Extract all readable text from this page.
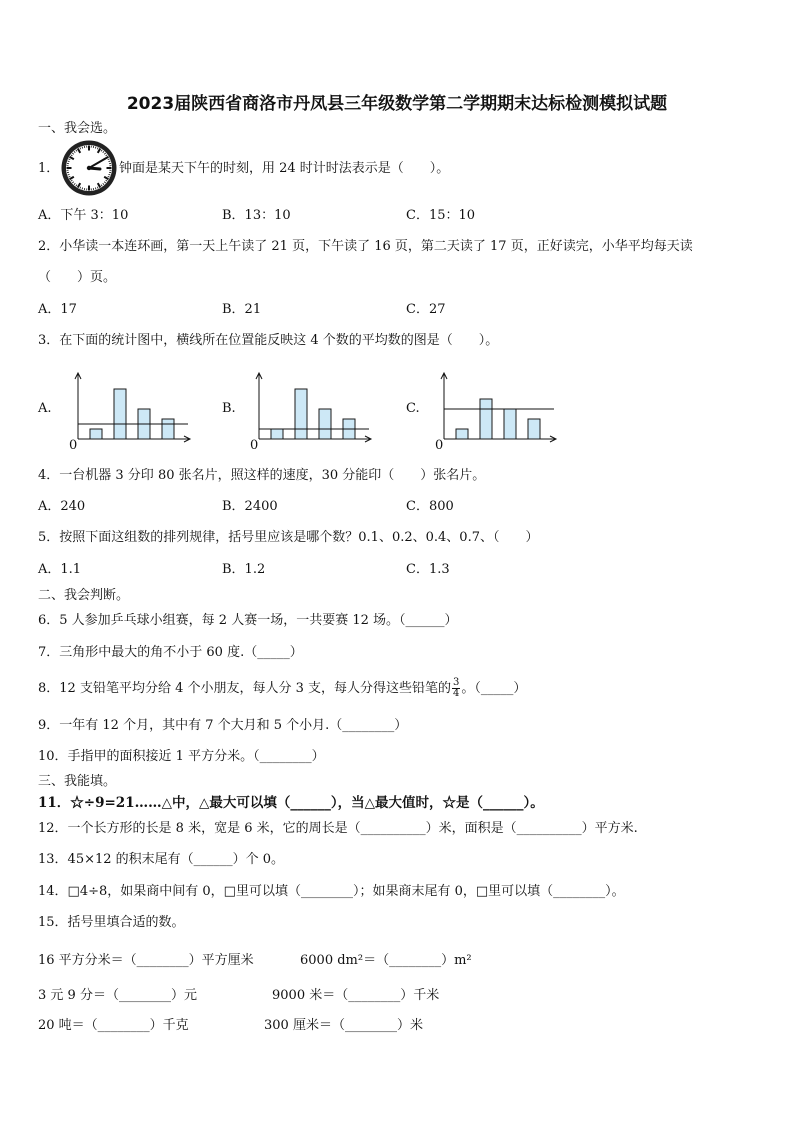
2023届陕西省商洛市丹凤县三年级数学第二学期期末达标检测模拟试题
一、我会选。
1．	钟面是某天下午的时刻，用 24 时计时法表示是（　　）。
A．下午 3：10	B．13：10	C．15：10
2．小华读一本连环画，第一天上午读了 21 页，下午读了 16 页，第二天读了 17 页，正好读完，小华平均每天读
（　　）页。
A．17	B．21	C．27
3．在下面的统计图中，横线所在位置能反映这 4 个数的平均数的图是（　　）。
A.	B.	C.
0	0	0
4．一台机器 3 分印 80 张名片，照这样的速度，30 分能印（　　）张名片。
A．240	B．2400	C．800
5．按照下面这组数的排列规律，括号里应该是哪个数？0.1、0.2、0.4、0.7、（　　）
A．1.1	B．1.2	C．1.3
二、我会判断。
6．5 人参加乒乓球小组赛，每 2 人赛一场，一共要赛 12 场。（______）
7．三角形中最大的角不小于 60 度.（_____）
8．12 支铅笔平均分给 4 个小朋友，每人分 3 支，每人分得这些铅笔的 $\frac{3}{4}$ 。（_____）
9．一年有 12 个月，其中有 7 个大月和 5 个小月.（________）
10．手指甲的面积接近 1 平方分米。（________）
三、我能填。
11．☆÷9=21……△中，△最大可以填（______），当△最大值时，☆是（______）。
12．一个长方形的长是 8 米，宽是 6 米，它的周长是（__________）米，面积是（__________）平方米.
13．45×12 的积末尾有（______）个 0。
14．□4÷8，如果商中间有 0，□里可以填（________）；如果商末尾有 0，□里可以填（________）。
15．括号里填合适的数。
16 平方分米＝（________）平方厘米	6000 dm²＝（________）m²
3 元 9 分＝（________）元	9000 米＝（________）千米
20 吨＝（________）千克	300 厘米＝（________）米
